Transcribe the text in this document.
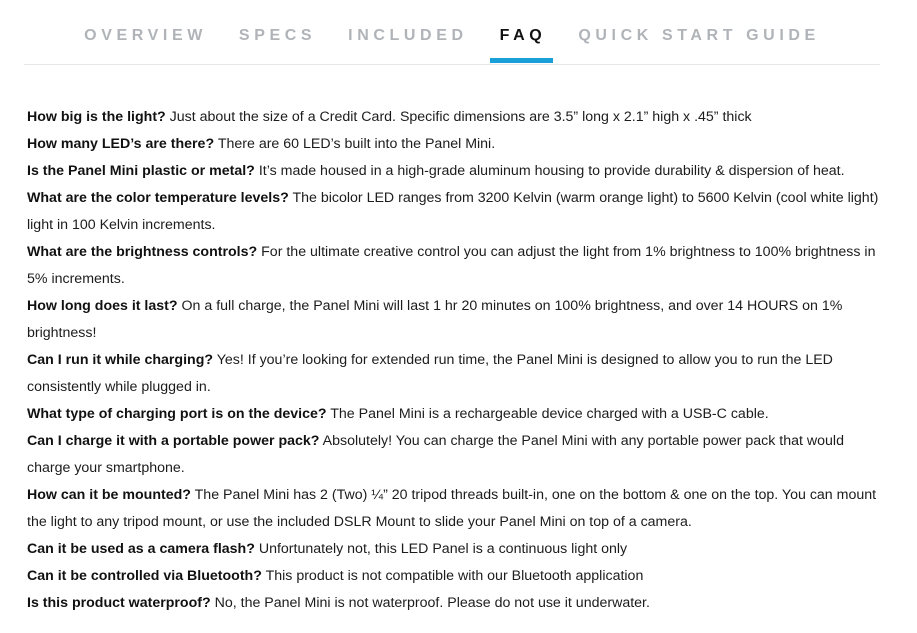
OVERVIEW SPECS INCLUDED FAQ QUICK START GUIDE

How big is the light? Just about the size of a Credit Card. Specific dimensions are 3.5” long x 2.1” high x .45” thick

How many LED’s are there? There are 60 LED’s built into the Panel Mini.

Is the Panel Mini plastic or metal? It’s made housed in a high-grade aluminum housing to provide durability & dispersion of heat.

What are the color temperature levels? The bicolor LED ranges from 3200 Kelvin (warm orange light) to 5600 Kelvin (cool white light) light in 100 Kelvin increments.

What are the brightness controls? For the ultimate creative control you can adjust the light from 1% brightness to 100% brightness in 5% increments.

How long does it last? On a full charge, the Panel Mini will last 1 hr 20 minutes on 100% brightness, and over 14 HOURS on 1% brightness!

Can I run it while charging? Yes! If you’re looking for extended run time, the Panel Mini is designed to allow you to run the LED consistently while plugged in.

What type of charging port is on the device? The Panel Mini is a rechargeable device charged with a USB-C cable.

Can I charge it with a portable power pack? Absolutely! You can charge the Panel Mini with any portable power pack that would charge your smartphone.

How can it be mounted? The Panel Mini has 2 (Two) ¼” 20 tripod threads built-in, one on the bottom & one on the top. You can mount the light to any tripod mount, or use the included DSLR Mount to slide your Panel Mini on top of a camera.

Can it be used as a camera flash? Unfortunately not, this LED Panel is a continuous light only

Can it be controlled via Bluetooth? This product is not compatible with our Bluetooth application

Is this product waterproof? No, the Panel Mini is not waterproof. Please do not use it underwater.
